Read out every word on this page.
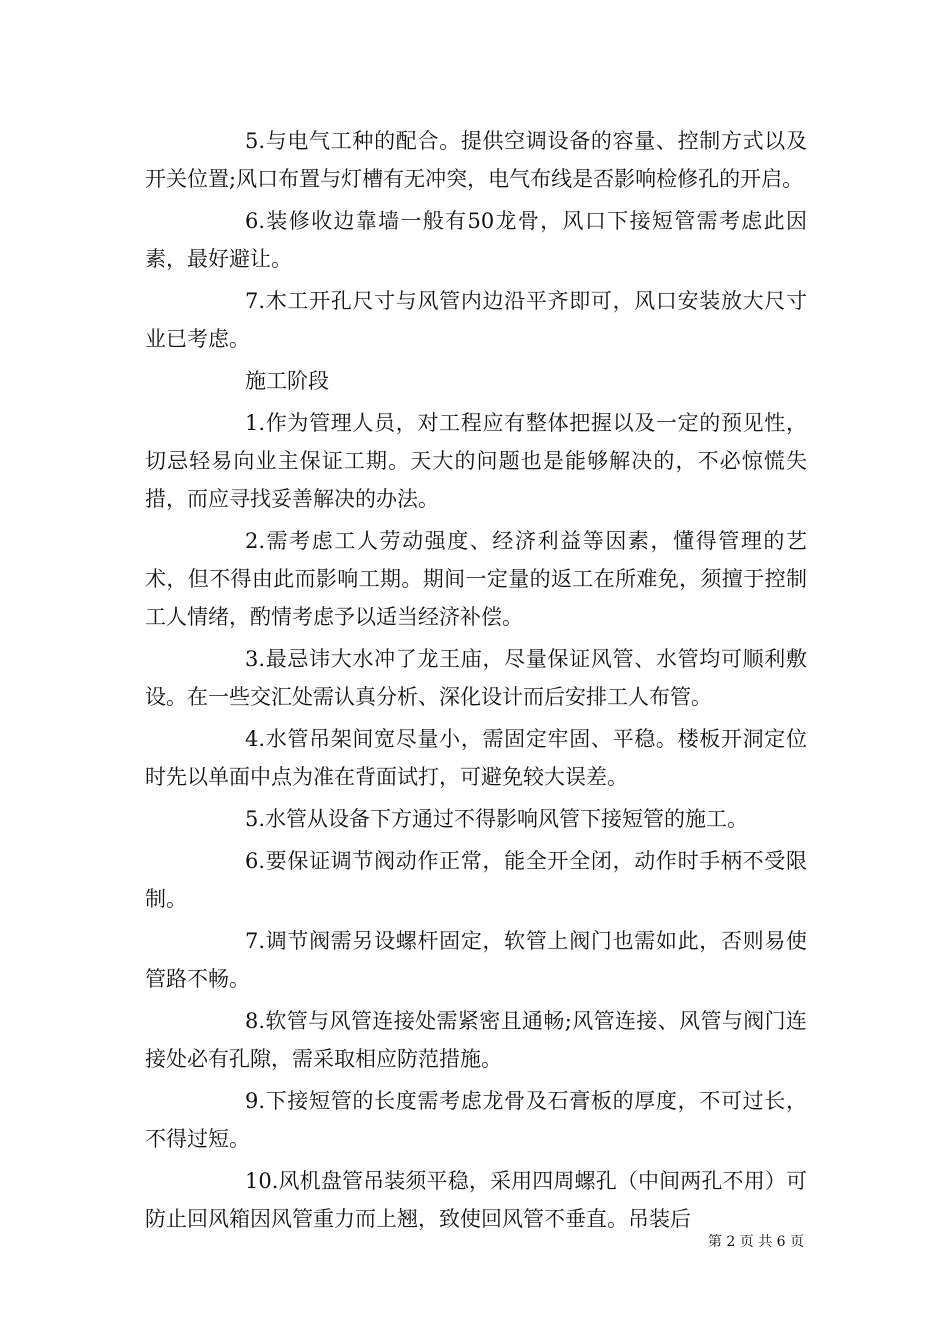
5.与电气工种的配合。提供空调设备的容量、控制方式以及开关位置;风口布置与灯槽有无冲突，电气布线是否影响检修孔的开启。

6.装修收边靠墙一般有50龙骨，风口下接短管需考虑此因素，最好避让。

7.木工开孔尺寸与风管内边沿平齐即可，风口安装放大尺寸业已考虑。

施工阶段

1.作为管理人员，对工程应有整体把握以及一定的预见性，切忌轻易向业主保证工期。天大的问题也是能够解决的，不必惊慌失措，而应寻找妥善解决的办法。

2.需考虑工人劳动强度、经济利益等因素，懂得管理的艺术，但不得由此而影响工期。期间一定量的返工在所难免，须擅于控制工人情绪，酌情考虑予以适当经济补偿。

3.最忌讳大水冲了龙王庙，尽量保证风管、水管均可顺利敷设。在一些交汇处需认真分析、深化设计而后安排工人布管。

4.水管吊架间宽尽量小，需固定牢固、平稳。楼板开洞定位时先以单面中点为准在背面试打，可避免较大误差。

5.水管从设备下方通过不得影响风管下接短管的施工。

6.要保证调节阀动作正常，能全开全闭，动作时手柄不受限制。

7.调节阀需另设螺杆固定，软管上阀门也需如此，否则易使管路不畅。

8.软管与风管连接处需紧密且通畅;风管连接、风管与阀门连接处必有孔隙，需采取相应防范措施。

9.下接短管的长度需考虑龙骨及石膏板的厚度，不可过长，不得过短。

10.风机盘管吊装须平稳，采用四周螺孔（中间两孔不用）可防止回风箱因风管重力而上翘，致使回风管不垂直。吊装后

第 2 页 共 6 页
